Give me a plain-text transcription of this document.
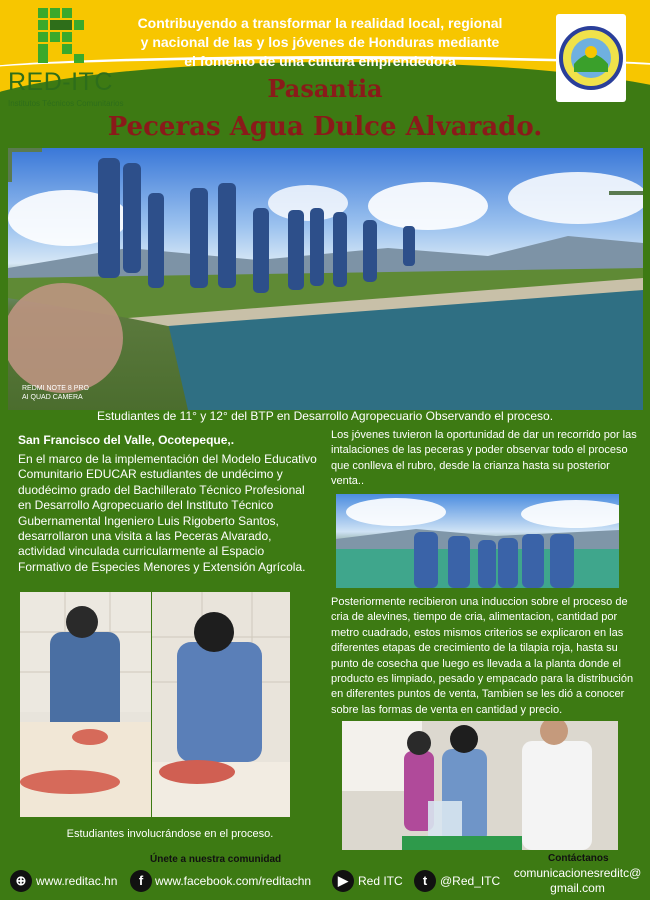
RED-ITC
Institutos Técnicos Comunitarios
Contribuyendo a transformar la realidad local, regional
y nacional de las y los jóvenes de Honduras mediante
el fomento de una cultura emprendedora
Pasantia
Peceras Agua Dulce Alvarado.
REDMI NOTE 8 PRO
AI QUAD CAMERA
Estudiantes de 11° y 12° del BTP en Desarrollo Agropecuario Observando el proceso.
San Francisco del Valle, Ocotepeque,.
En el marco de la implementación del Modelo Educativo Comunitario EDUCAR estudiantes de undécimo y duodécimo grado del Bachillerato Técnico Profesional en Desarrollo Agropecuario del Instituto Técnico Gubernamental Ingeniero Luis Rigoberto Santos, desarrollaron una visita a las Peceras Alvarado, actividad vinculada curricularmente al Espacio Formativo de Especies Menores y Extensión Agrícola.
Estudiantes involucrándose en el proceso.
Los jóvenes tuvieron la oportunidad de dar un recorrido por las intalaciones de las peceras y poder observar todo el proceso que conlleva el rubro, desde la crianza hasta su posterior venta..
Posteriormente recibieron una induccion sobre el proceso de cria de alevines, tiempo de cria, alimentacion, cantidad por metro cuadrado, estos mismos criterios se explicaron en las diferentes etapas de crecimiento de la tilapia roja, hasta su punto de cosecha que luego es llevada a la planta donde el producto es limpiado, pesado y empacado para la distribución en diferentes puntos de venta, Tambien se les dió a conocer sobre las formas de venta en cantidad y precio.
Únete a nuestra comunidad	Contáctanos
⊕ www.reditac.hn	f www.facebook.com/reditachn	▶ Red ITC	t	@Red_ITC
comunicacionesreditc@
gmail.com
